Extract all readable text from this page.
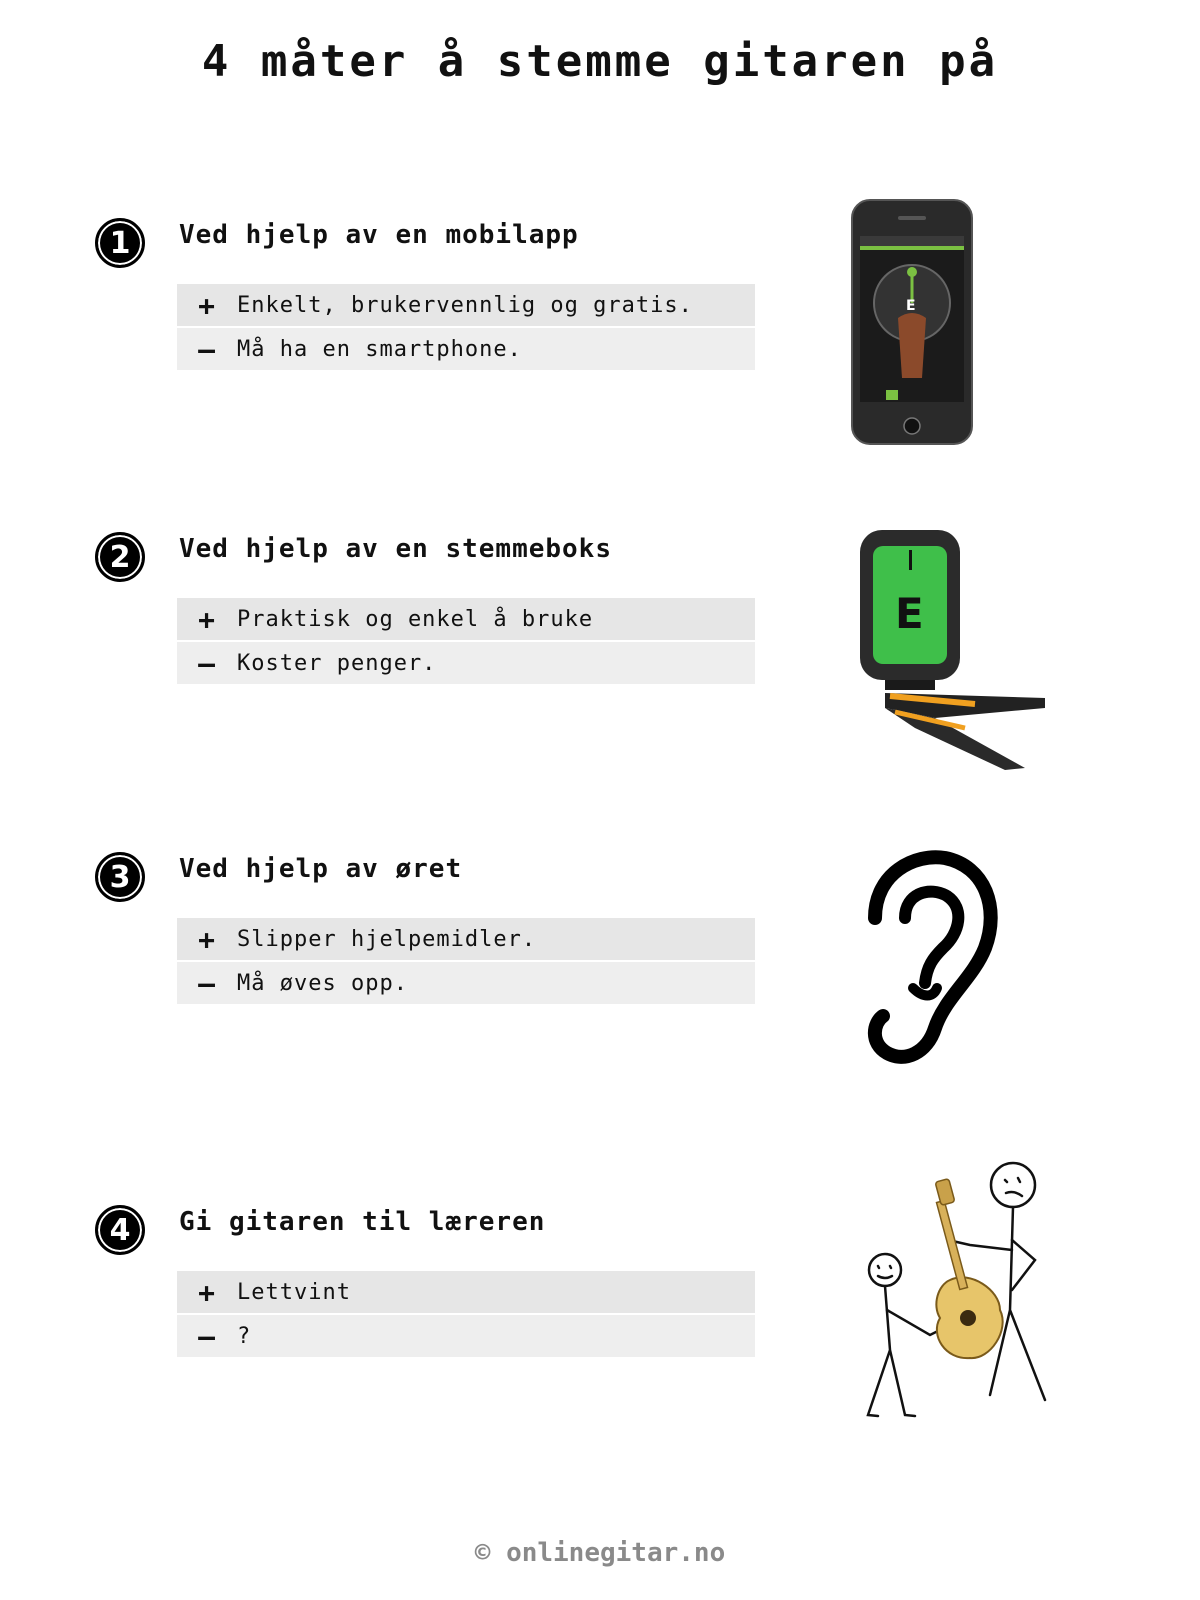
4 måter å stemme gitaren på
1	Ved hjelp av en mobilapp
+ Enkelt, brukervennlig og gratis.
— Må ha en smartphone.
2	Ved hjelp av en stemmeboks
+ Praktisk og enkel å bruke
— Koster penger.
3	Ved hjelp av øret
+ Slipper hjelpemidler.
— Må øves opp.
4	Gi gitaren til læreren
+ Lettvint
— ?
E
E
© onlinegitar.no
